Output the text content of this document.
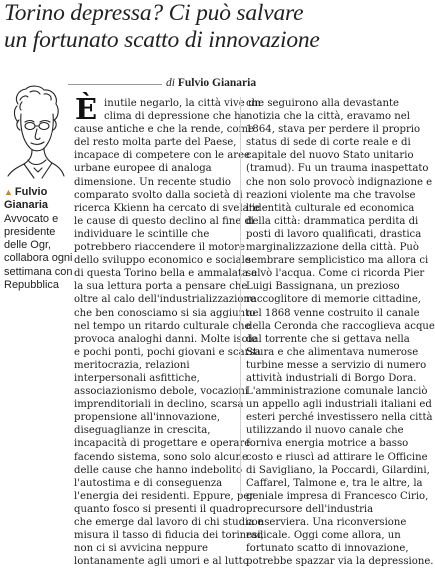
Torino depressa? Ci può salvare
un fortunato scatto di innovazione
di Fulvio Gianaria
▲ Fulvio
Gianaria
Avvocato e
presidente
delle Ogr,
collabora ogni
settimana con
Repubblica
È inutile negarlo, la città vive un
clima di depressione che ha
cause antiche e che la rende, come
del resto molta parte del Paese,
incapace di competere con le aree
urbane europee di analoga
dimensione. Un recente studio
comparato svolto dalla società di
ricerca Kkienn ha cercato di svelare
le cause di questo declino al fine di
individuare le scintille che
potrebbero riaccendere il motore
dello sviluppo economico e sociale
di questa Torino bella e ammalata e
la sua lettura porta a pensare che
oltre al calo dell'industrializzazione
che ben conosciamo si sia aggiunto
nel tempo un ritardo culturale che
provoca analoghi danni. Molte isole
e pochi ponti, pochi giovani e scarsa
meritocrazia, relazioni
interpersonali asfittiche,
associazionismo debole, vocazioni
imprenditoriali in declino, scarsa
propensione all'innovazione,
diseguaglianze in crescita,
incapacità di progettare e operare
facendo sistema, sono solo alcune
delle cause che hanno indebolito
l'autostima e di conseguenza
l'energia dei residenti. Eppure, per
quanto fosco si presenti il quadro
che emerge dal lavoro di chi studia e
misura il tasso di fiducia dei torinesi,
non ci si avvicina neppure
lontanamente agli umori e al lutto
che seguirono alla devastante
notizia che la città, eravamo nel
1864, stava per perdere il proprio
status di sede di corte reale e di
capitale del nuovo Stato unitario
(tramud). Fu un trauma inaspettato
che non solo provocò indignazione e
reazioni violente ma che travolse
l'identità culturale ed economica
della città: drammatica perdita di
posti di lavoro qualificati, drastica
marginalizzazione della città. Può
sembrare semplicistico ma allora ci
salvò l'acqua. Come ci ricorda Pier
Luigi Bassignana, un prezioso
raccoglitore di memorie cittadine,
nel 1868 venne costruito il canale
della Ceronda che raccoglieva acque
dal torrente che si gettava nella
Stura e che alimentava numerose
turbine messe a servizio di numero
attività industriali di Borgo Dora.
L'amministrazione comunale lanciò
un appello agli industriali italiani ed
esteri perché investissero nella città
utilizzando il nuovo canale che
forniva energia motrice a basso
costo e riuscì ad attirare le Officine
di Savigliano, la Poccardi, Gilardini,
Caffarel, Talmone e, tra le altre, la
geniale impresa di Francesco Cirio,
precursore dell'industria
conserviera. Una riconversione
radicale. Oggi come allora, un
fortunato scatto di innovazione,
potrebbe spazzar via la depressione.
